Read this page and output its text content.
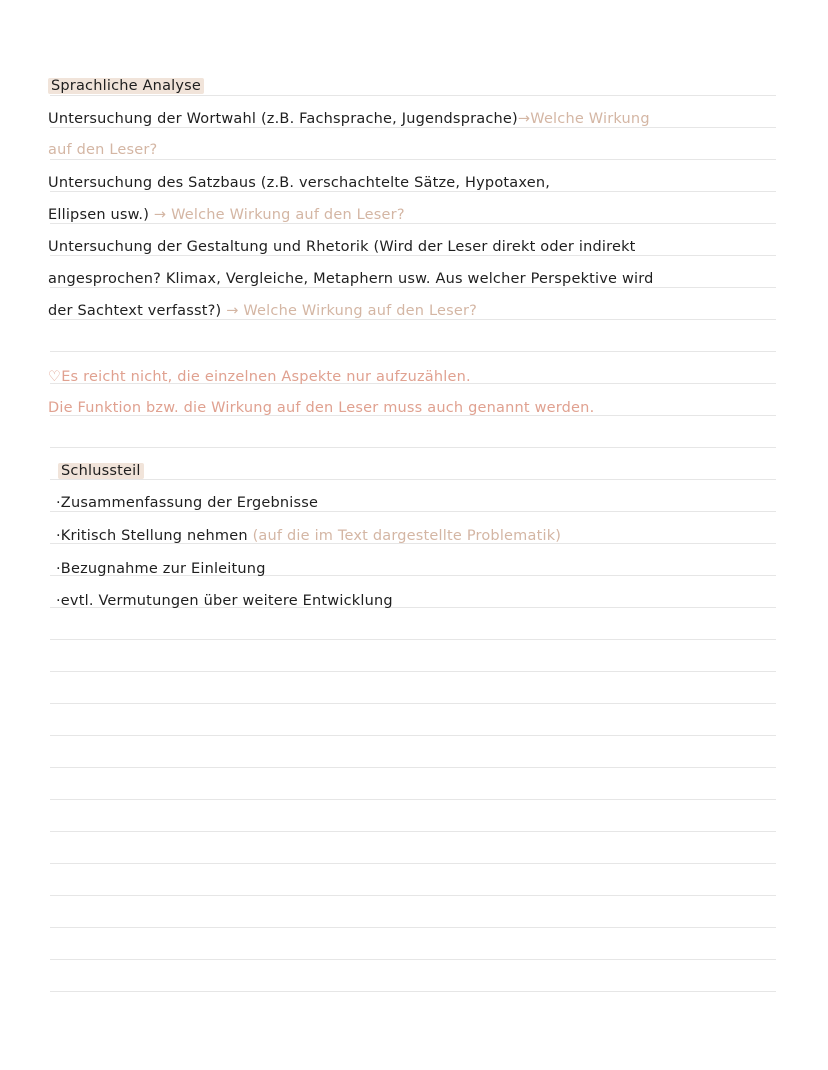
Sprachliche Analyse
Untersuchung der Wortwahl (z.B. Fachsprache, Jugendsprache)→Welche Wirkung
auf den Leser?
Untersuchung des Satzbaus (z.B. verschachtelte Sätze, Hypotaxen,
Ellipsen usw.) → Welche Wirkung auf den Leser?
Untersuchung der Gestaltung und Rhetorik (Wird der Leser direkt oder indirekt
angesprochen? Klimax, Vergleiche, Metaphern usw. Aus welcher Perspektive wird
der Sachtext verfasst?) → Welche Wirkung auf den Leser?
♡Es reicht nicht, die einzelnen Aspekte nur aufzuzählen.
Die Funktion bzw. die Wirkung auf den Leser muss auch genannt werden.
Schlussteil
·Zusammenfassung der Ergebnisse
·Kritisch Stellung nehmen (auf die im Text dargestellte Problematik)
·Bezugnahme zur Einleitung
·evtl. Vermutungen über weitere Entwicklung
